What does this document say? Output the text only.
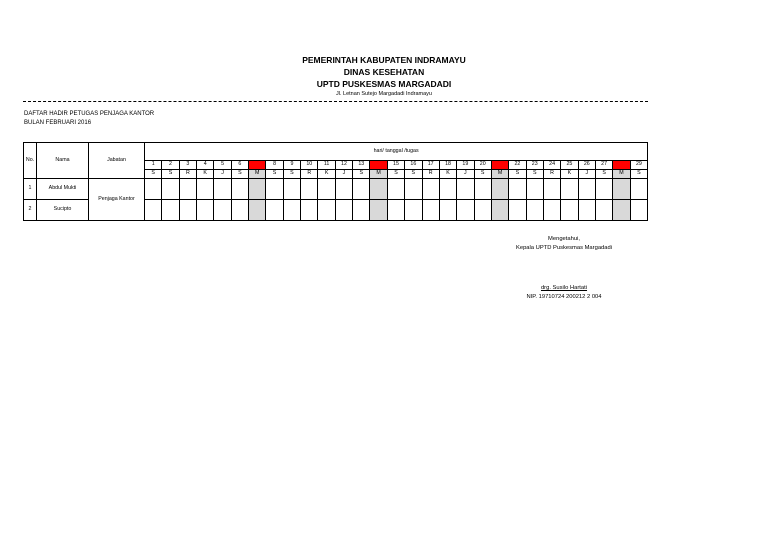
PEMERINTAH KABUPATEN INDRAMAYU
DINAS KESEHATAN
UPTD PUSKESMAS MARGADADI
Jl. Letnan Sutejo Margadadi Indramayu
DAFTAR HADIR PETUGAS PENJAGA KANTOR
BULAN FEBRUARI 2016
No.	Nama	Jabatan	hari/ tanggal /tugas																												
			1	2	3	4	5	6	7	8	9	10	11	12	13	14	15	16	17	18	19	20	21	22	23	24	25	26	27	28	29
			S	S	R	K	J	S	M	S	S	R	K	J	S	M	S	S	R	K	J	S	M	S	S	R	K	J	S	M	S
1	Abdul Mukti	Penjaga Kantor																													
2	Sucipto																														
Mengetahui,
Kepala UPTD Puskesmas Margadadi
drg. Susilo Hartati
NIP. 19710724 200212 2 004
